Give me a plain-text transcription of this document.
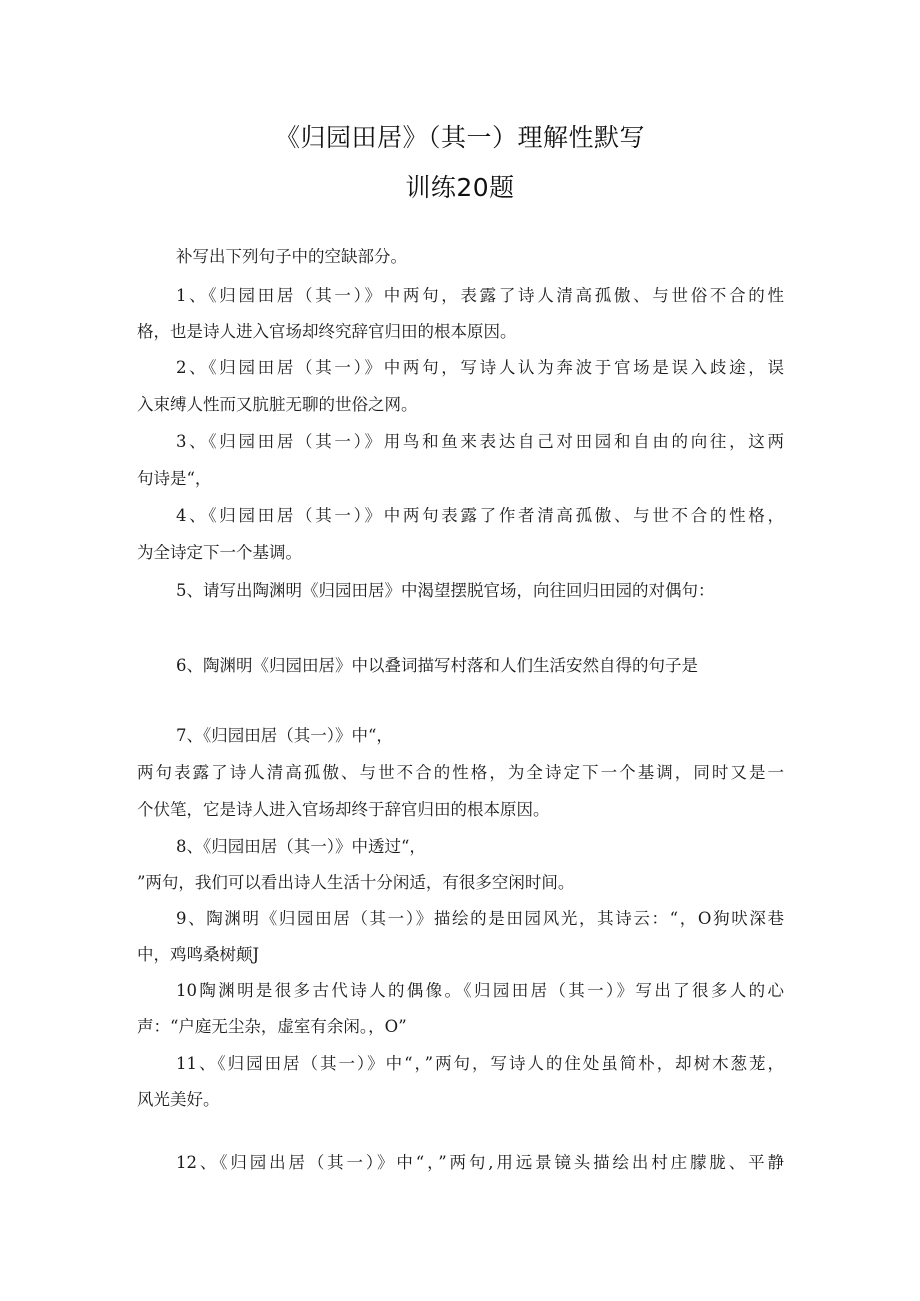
《归园田居》（其一）理解性默写
训练20题
补写出下列句子中的空缺部分。
1、《归园田居（其一）》中两句，表露了诗人清高孤傲、与世俗不合的性
格，也是诗人进入官场却终究辞官归田的根本原因。
2、《归园田居（其一）》中两句，写诗人认为奔波于官场是误入歧途，误
入束缚人性而又肮脏无聊的世俗之网。
3、《归园田居（其一）》用鸟和鱼来表达自己对田园和自由的向往，这两
句诗是“，
4、《归园田居（其一）》中两句表露了作者清高孤傲、与世不合的性格，
为全诗定下一个基调。
5、请写出陶渊明《归园田居》中渴望摆脱官场，向往回归田园的对偶句：
6、陶渊明《归园田居》中以叠词描写村落和人们生活安然自得的句子是
7、《归园田居（其一）》中“，
两句表露了诗人清高孤傲、与世不合的性格，为全诗定下一个基调，同时又是一
个伏笔，它是诗人进入官场却终于辞官归田的根本原因。
8、《归园田居（其一）》中透过“，
”两句，我们可以看出诗人生活十分闲适，有很多空闲时间。
9、陶渊明《归园田居（其一）》描绘的是田园风光，其诗云：“，O狗吠深巷
中，鸡鸣桑树颠J
10陶渊明是很多古代诗人的偶像。《归园田居（其一）》写出了很多人的心
声：“户庭无尘杂，虚室有余闲。，O”
11、《归园田居（其一）》中“，”两句，写诗人的住处虽简朴，却树木葱茏，
风光美好。
12、《归园出居（其一）》中“，”两句,用远景镜头描绘出村庄朦胧、平静
